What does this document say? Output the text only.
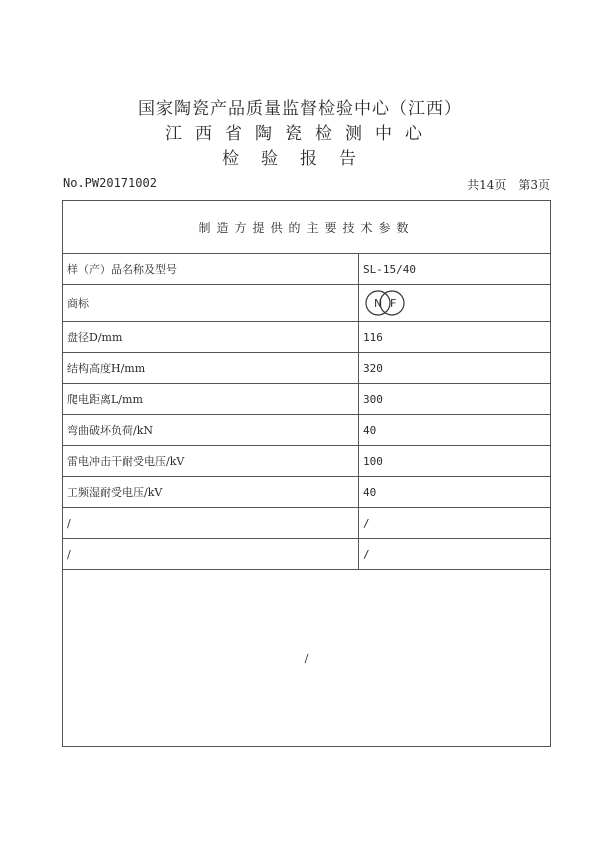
国家陶瓷产品质量监督检验中心（江西）
江西省陶瓷检测中心
检验报告
No.PW20171002	共14页 第3页
制造方提供的主要技术参数	
样（产）品名称及型号	SL-15/40
商标	N F

盘径D/mm	116
结构高度H/mm	320
爬电距离L/mm	300
弯曲破坏负荷/kN	40
雷电冲击干耐受电压/kV	100
工频湿耐受电压/kV	40
/	/
/	/
/	
